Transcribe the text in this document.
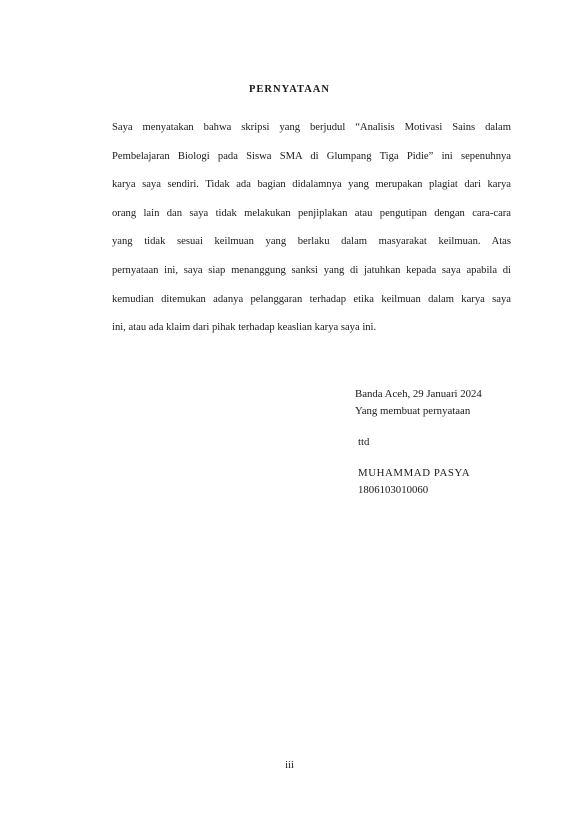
PERNYATAAN
Saya menyatakan bahwa skripsi yang berjudul “Analisis Motivasi Sains dalam
Pembelajaran Biologi pada Siswa SMA di Glumpang Tiga Pidie” ini sepenuhnya
karya saya sendiri. Tidak ada bagian didalamnya yang merupakan plagiat dari karya
orang lain dan saya tidak melakukan penjiplakan atau pengutipan dengan cara-cara
yang tidak sesuai keilmuan yang berlaku dalam masyarakat keilmuan. Atas
pernyataan ini, saya siap menanggung sanksi yang di jatuhkan kepada saya apabila di
kemudian ditemukan adanya pelanggaran terhadap etika keilmuan dalam karya saya
ini, atau ada klaim dari pihak terhadap keaslian karya saya ini.
Banda Aceh, 29 Januari 2024
Yang membuat pernyataan
ttd
MUHAMMAD PASYA
1806103010060
iii
